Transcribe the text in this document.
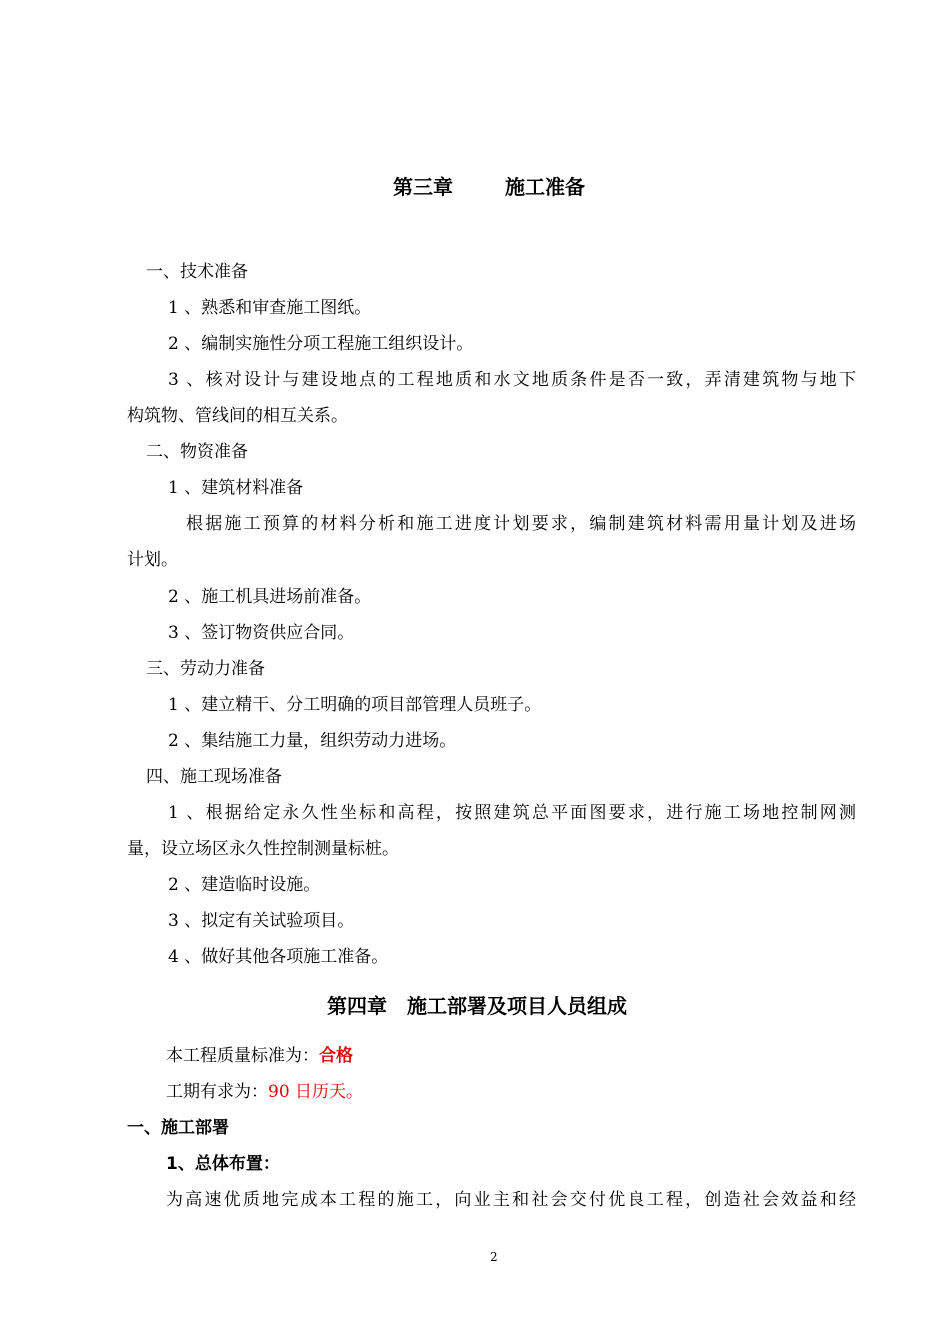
第三章	施工准备
一、技术准备
1 、熟悉和审查施工图纸。
2 、编制实施性分项工程施工组织设计。
3 、核对设计与建设地点的工程地质和水文地质条件是否一致，弄清建筑物与地下
构筑物、管线间的相互关系。
二、物资准备
1 、建筑材料准备
根据施工预算的材料分析和施工进度计划要求，编制建筑材料需用量计划及进场
计划。
2 、施工机具进场前准备。
3 、签订物资供应合同。
三、劳动力准备
1 、建立精干、分工明确的项目部管理人员班子。
2 、集结施工力量，组织劳动力进场。
四、施工现场准备
1 、根据给定永久性坐标和高程，按照建筑总平面图要求，进行施工场地控制网测
量，设立场区永久性控制测量标桩。
2 、建造临时设施。
3 、拟定有关试验项目。
4 、做好其他各项施工准备。
第四章　施工部署及项目人员组成
本工程质量标准为：合格
工期有求为：90 日历天。
一、施工部署
1、总体布置：
为高速优质地完成本工程的施工，向业主和社会交付优良工程，创造社会效益和经
2
